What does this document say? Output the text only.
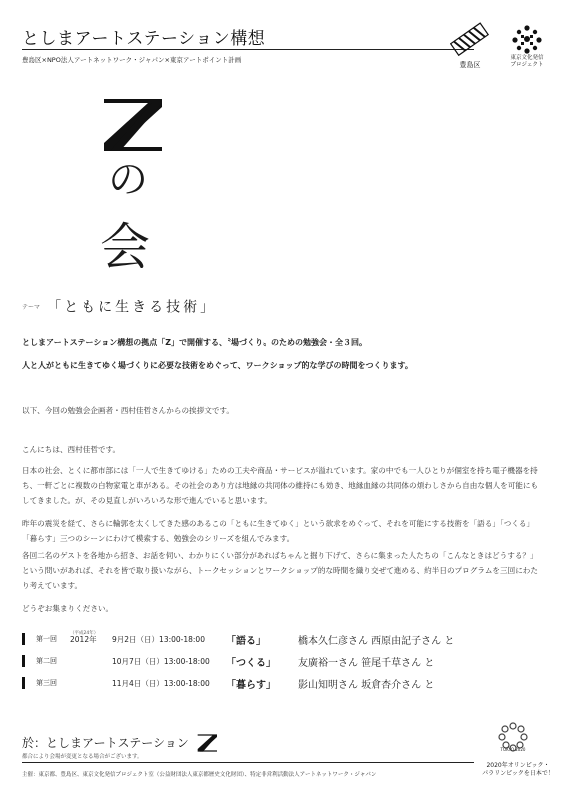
としまアートステーション構想
豊島区×NPO法人アートネットワーク・ジャパン×東京アートポイント計画
豊島区
東京文化発信
プロジェクト
の
会
テーマ 「ともに生きる技術」
としまアートステーション構想の拠点「Z」で開催する、〝場づくり〟のための勉強会・全３回。
人と人がともに生きてゆく場づくりに必要な技術をめぐって、ワークショップ的な学びの時間をつくります。
以下、今回の勉強会企画者・西村佳哲さんからの挨拶文です。
こんにちは、西村佳哲です。
日本の社会、とくに都市部には「一人で生きてゆける」ための工夫や商品・サービスが溢れています。家の中でも一人ひとりが個室を持ち電子機器を持ち、一軒ごとに複数の白物家電と車がある。その社会のあり方は地縁の共同体の維持にも効き、地縁血縁の共同体の煩わしさから自由な個人を可能にもしてきました。が、その見直しがいろいろな形で進んでいると思います。
昨年の震災を経て、さらに輪郭を太くしてきた感のあるこの「ともに生きてゆく」という欲求をめぐって、それを可能にする技術を「語る」「つくる」「暮らす」三つのシーンにわけて模索する、勉強会のシリーズを組んでみます。
各回二名のゲストを各地から招き、お話を伺い、わかりにくい部分があればちゃんと掘り下げて、さらに集まった人たちの「こんなときはどうする？」という問いがあれば、それを皆で取り扱いながら、トークセッションとワークショップ的な時間を織り交ぜて進める、約半日のプログラムを三回にわたり考えています。
どうぞお集まりください。
（平成24年）
第一回 2012年 9月2日（日）13:00-18:00 「語る」	橋本久仁彦さん 西原由記子さん と
第二回	10月7日（日）13:00-18:00 「つくる」 友廣裕一さん 笹尾千草さん と
第三回	11月4日（日）13:00-18:00 「暮らす」 影山知明さん 坂倉杏介さん と
於：としまアートステーション
都合により会場が変更となる場合がございます。
主催：東京都、豊島区、東京文化発信プロジェクト室（公益財団法人東京都歴史文化財団）、特定非営利活動法人アートネットワーク・ジャパン
TOKYO 2020
2020年オリンピック・
パラリンピックを日本で！
